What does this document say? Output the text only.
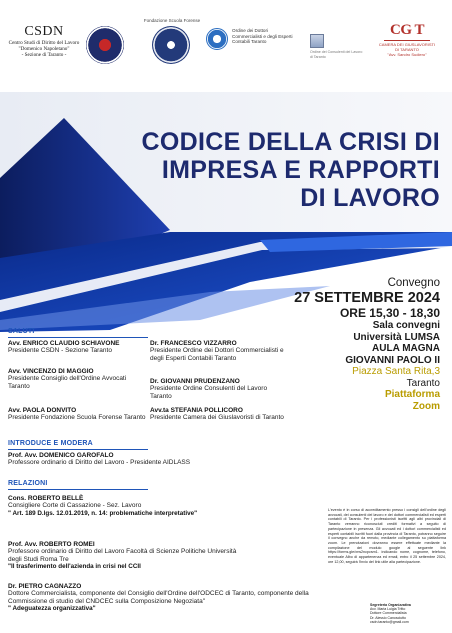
CSDN
Centro Studi di Diritto del Lavoro
"Domenico Napoletano"
- Sezione di Taranto -
Fondazione Scuola Forense
Ordine dei Dottori Commercialisti e degli Esperti Contabili Taranto
Ordine dei Consulenti del Lavoro di Taranto
CG T
CAMERA DEI GIUSLAVORISTI
DI TARANTO
"Avv. Sandro Sudiero"
CODICE DELLA CRISI DI
IMPRESA E RAPPORTI
DI LAVORO
Convegno
27 SETTEMBRE 2024
ORE 15,30 - 18,30
Sala convegni
Università LUMSA
AULA MAGNA
GIOVANNI PAOLO II
Piazza Santa Rita,3
Taranto
Piattaforma
Zoom
SALUTI
Avv. ENRICO CLAUDIO SCHIAVONE
Presidente CSDN - Sezione Taranto
Dr. FRANCESCO VIZZARRO
Presidente Ordine dei Dottori Commercialisti e degli Esperti Contabili Taranto
Avv. VINCENZO DI MAGGIO
Presidente Consiglio dell'Ordine Avvocati Taranto
Dr. GIOVANNI PRUDENZANO
Presidente Ordine Consulenti del Lavoro Taranto
Avv. PAOLA DONVITO
Presidente Fondazione Scuola Forense Taranto
Avv.ta STEFANIA POLLICORO
Presidente Camera dei Giuslavoristi di Taranto
INTRODUCE E MODERA
Prof. Avv. DOMENICO GAROFALO
Professore ordinario di Diritto del Lavoro - Presidente AIDLASS
RELAZIONI
Cons. ROBERTO BELLÈ
Consigliere Corte di Cassazione - Sez. Lavoro
" Art. 189 D.lgs. 12.01.2019, n. 14: problematiche interpretative"
Prof. Avv. ROBERTO ROMEI
Professore ordinario di Diritto del Lavoro Facoltà di Scienze Politiche Università degli Studi Roma Tre
"Il trasferimento dell'azienda in crisi nel CCII
Dr. PIETRO CAGNAZZO
Dottore Commercialista, componente del Consiglio dell'Ordine dell'ODCEC di Taranto, componente della Commissione di studio del CNDCEC sulla Composizione Negoziata"
" Adeguatezza organizzativa"
L'evento è in corso di accreditamento presso i consigli dell'ordine degli avvocati, dei consulenti del lavoro e dei dottori commercialisti ed esperti contabili di Taranto. Per i professionisti iscritti agli albi provinciali di Taranto verranno riconosciuti crediti formativi a seguito di partecipazione in presenza. Gli avvocati ed i dottori commercialisti ed esperti contabili iscritti fuori dalla provincia di Taranto, potranno seguire il convegno anche da remoto, mediante collegamento su piattaforma zoom. Le prenotazioni dovranno essere effettuate mediante la compilazione del modulo google al seguente link https://forms.gle/xrw2ncpcsm1. indicando nome, cognome, telefono, eventuale Albo di appartenenza ed email, entro il 25 settembre 2024, ore 12,00, seguirà l'invio del link utile alla partecipazione.
Segreteria Organizzativa
Avv. Maria Luigia Tritto
Dottore Commercialista
Dr. Alessio Canosciutto
csdn.taranto@gmail.com
